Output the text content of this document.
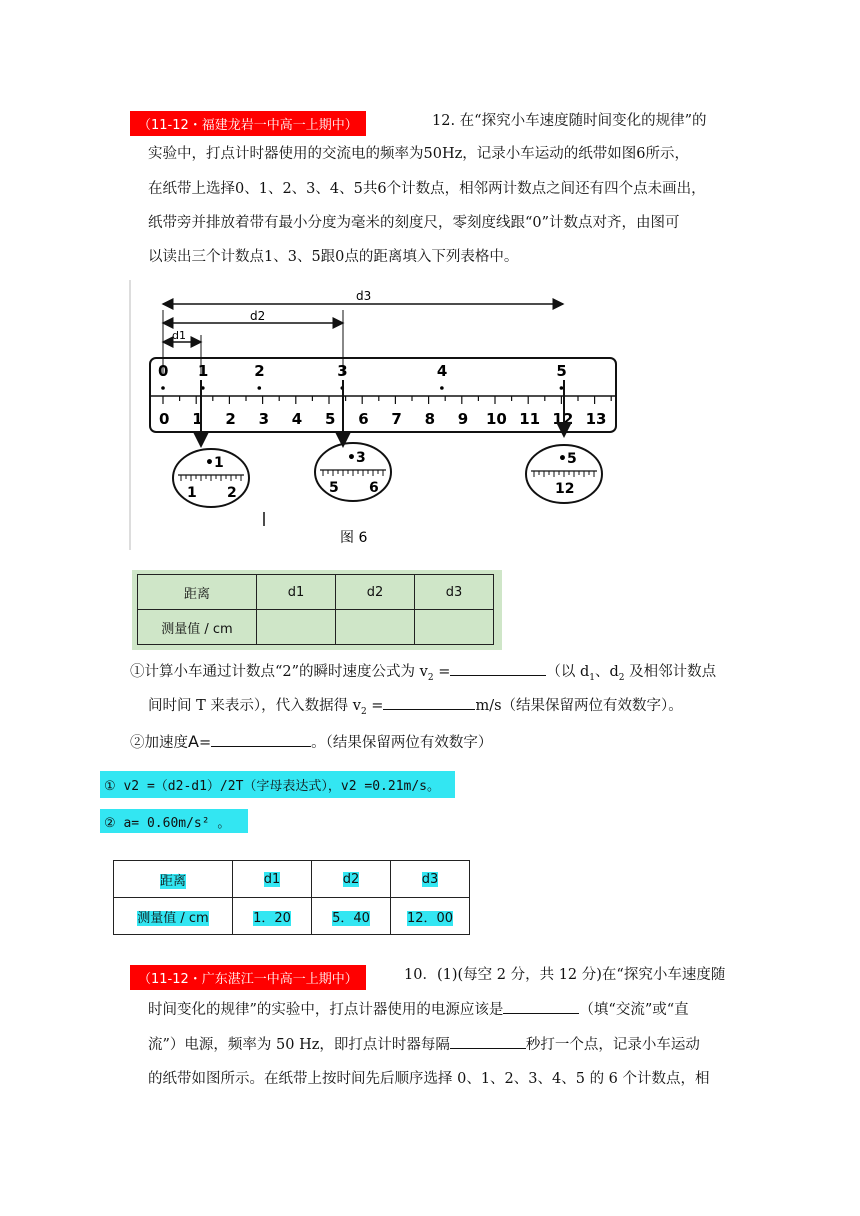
（11-12・福建龙岩一中高一上期中）	12. 在“探究小车速度随时间变化的规律”的
实验中，打点计时器使用的交流电的频率为50Hz，记录小车运动的纸带如图6所示，
在纸带上选择0、1、2、3、4、5共6个计数点，相邻两计数点之间还有四个点未画出，
纸带旁并排放着带有最小分度为毫米的刻度尺，零刻度线跟“0”计数点对齐，由图可
以读出三个计数点1、3、5跟0点的距离填入下列表格中。
d3
d2
d1
0 1	2	3	4	5
0 1 2 3 4 5 6 7 8 9 10 11 12 13
•1
1 2
•3
5 6
•5
12
图 6
距离	d1	d2	d3
测量值 / cm			
①计算小车通过计数点“2”的瞬时速度公式为 $v_2$ =	（以 $d_1$、$d_2$ 及相邻计数点
间时间 T 来表示），代入数据得 $v_2$ =	m/s（结果保留两位有效数字）。
②加速度A=	。（结果保留两位有效数字）
① v2 =（d2-d1）/2T（字母表达式），v2 =0.21m/s。
② a= 0.60m/s² 。
距离	d1	d2	d3
测量值 / cm	1．20	5．40	12．00
（11-12・广东湛江一中高一上期中）	10．(1)(每空 2 分，共 12 分)在“探究小车速度随
时间变化的规律”的实验中，打点计器使用的电源应该是	（填“交流”或“直
流”）电源，频率为 50 Hz，即打点计时器每隔	秒打一个点，记录小车运动
的纸带如图所示。在纸带上按时间先后顺序选择 0、1、2、3、4、5 的 6 个计数点，相
